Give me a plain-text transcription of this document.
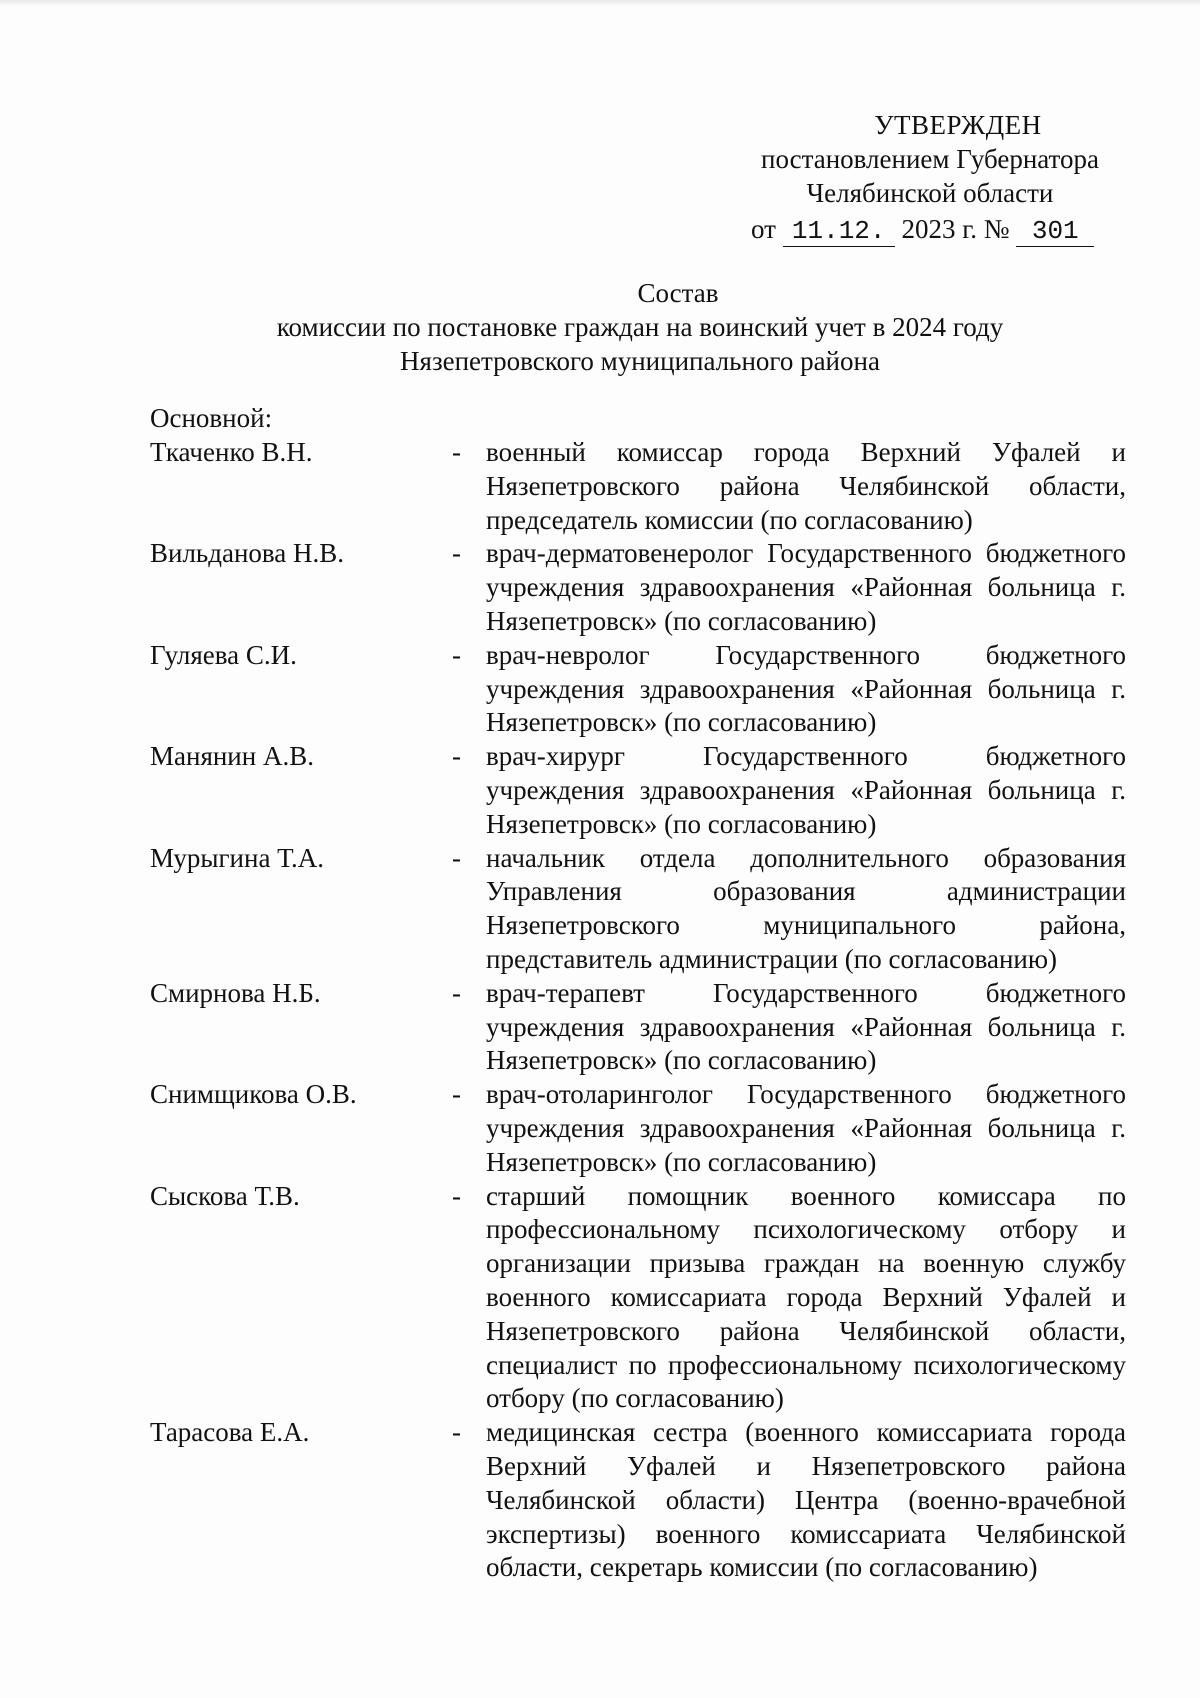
УТВЕРЖДЕН
постановлением Губернатора
Челябинской области
от 11.12. 2023 г. № 301
Состав
комиссии по постановке граждан на воинский учет в 2024 году
Нязепетровского муниципального района
Основной:
Ткаченко В.Н.	- военный комиссар города Верхний Уфалей и Нязепетровского района Челябинской области, председатель комиссии (по согласованию)
Вильданова Н.В.	- врач-дерматовенеролог Государственного бюджетного учреждения здравоохранения «Районная больница г. Нязепетровск» (по согласованию)
Гуляева С.И.	- врач-невролог Государственного бюджетного учреждения здравоохранения «Районная больница г. Нязепетровск» (по согласованию)
Манянин А.В.	- врач-хирург Государственного бюджетного учреждения здравоохранения «Районная больница г. Нязепетровск» (по согласованию)
Мурыгина Т.А.	- начальник отдела дополнительного образования Управления образования администрации Нязепетровского муниципального района, представитель администрации (по согласованию)
Смирнова Н.Б.	- врач-терапевт Государственного бюджетного учреждения здравоохранения «Районная больница г. Нязепетровск» (по согласованию)
Снимщикова О.В.	- врач-отоларинголог Государственного бюджетного учреждения здравоохранения «Районная больница г. Нязепетровск» (по согласованию)
Сыскова Т.В.	- старший помощник военного комиссара по профессиональному психологическому отбору и организации призыва граждан на военную службу военного комиссариата города Верхний Уфалей и Нязепетровского района Челябинской области, специалист по профессиональному психологическому отбору (по согласованию)
Тарасова Е.А.	- медицинская сестра (военного комиссариата города Верхний Уфалей и Нязепетровского района Челябинской области) Центра (военно-врачебной экспертизы) военного комиссариата Челябинской области, секретарь комиссии (по согласованию)
